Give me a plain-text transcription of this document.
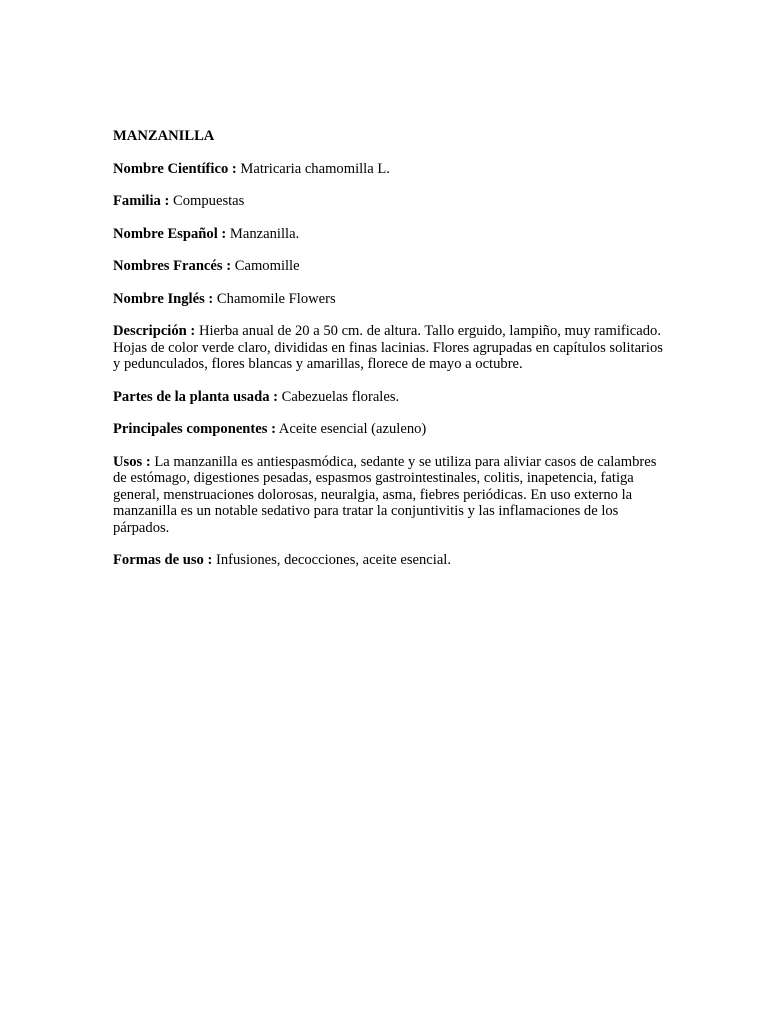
MANZANILLA
Nombre Científico : Matricaria chamomilla L.
Familia : Compuestas
Nombre Español : Manzanilla.
Nombres Francés : Camomille
Nombre Inglés : Chamomile Flowers
Descripción : Hierba anual de 20 a 50 cm. de altura. Tallo erguido, lampiño, muy ramificado. Hojas de color verde claro, divididas en finas lacinias. Flores agrupadas en capítulos solitarios y pedunculados, flores blancas y amarillas, florece de mayo a octubre.
Partes de la planta usada : Cabezuelas florales.
Principales componentes : Aceite esencial (azuleno)
Usos : La manzanilla es antiespasmódica, sedante y se utiliza para aliviar casos de calambres de estómago, digestiones pesadas, espasmos gastrointestinales, colitis, inapetencia, fatiga general, menstruaciones dolorosas, neuralgia, asma, fiebres periódicas. En uso externo la manzanilla es un notable sedativo para tratar la conjuntivitis y las inflamaciones de los párpados.
Formas de uso : Infusiones, decocciones, aceite esencial.
